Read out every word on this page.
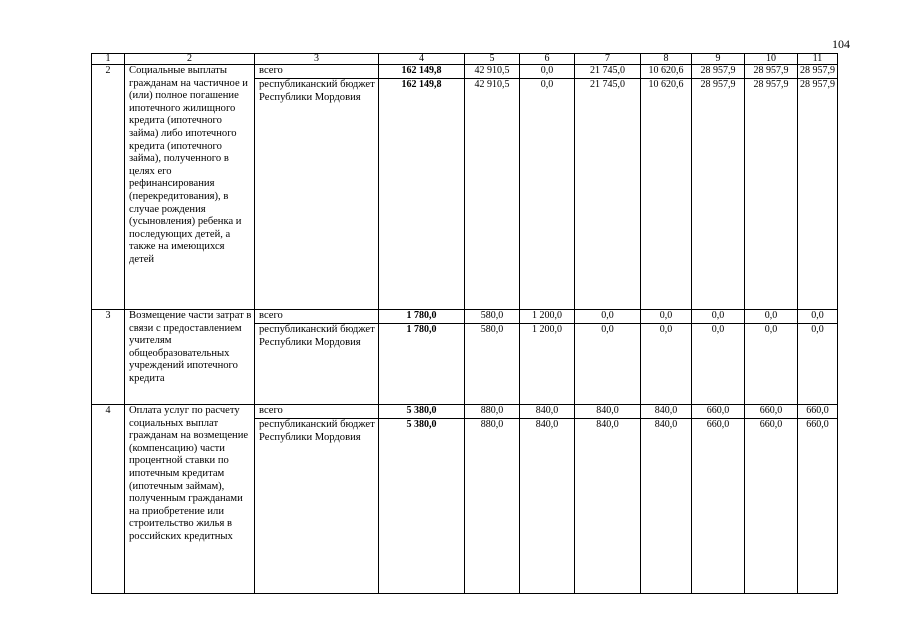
104
1	2	3	4	5	6	7	8	9	10	11
2	Социальные выплаты гражданам на частичное и (или) полное погашение ипотечного жилищного кредита (ипотечного займа) либо ипотечного кредита (ипотечного займа), полученного в целях его рефинансирования (перекредитования), в случае рождения (усыновления) ребенка и последующих детей, а также на имеющихся детей	всего	162 149,8	42 910,5	0,0	21 745,0	10 620,6	28 957,9	28 957,9	28 957,9
		республиканский бюджет Республики Мордовия	162 149,8	42 910,5	0,0	21 745,0	10 620,6	28 957,9	28 957,9	28 957,9
3	Возмещение части затрат в связи с предоставлением учителям общеобразовательных учреждений ипотечного кредита	всего	1 780,0	580,0	1 200,0	0,0	0,0	0,0	0,0	0,0
		республиканский бюджет Республики Мордовия	1 780,0	580,0	1 200,0	0,0	0,0	0,0	0,0	0,0
4	Оплата услуг по расчету социальных выплат гражданам на возмещение (компенсацию) части процентной ставки по ипотечным кредитам (ипотечным займам), полученным гражданами на приобретение или строительство жилья в российских кредитных	всего	5 380,0	880,0	840,0	840,0	840,0	660,0	660,0	660,0
		республиканский бюджет Республики Мордовия	5 380,0	880,0	840,0	840,0	840,0	660,0	660,0	660,0
